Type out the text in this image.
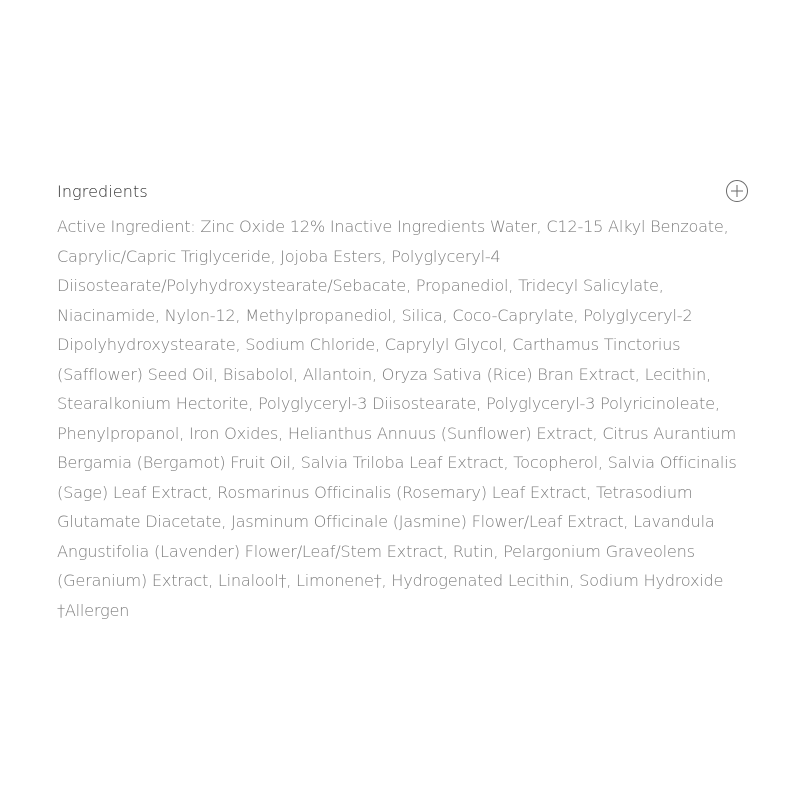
Ingredients
Active Ingredient: Zinc Oxide 12% Inactive Ingredients Water, C12-15 Alkyl Benzoate,
Caprylic/Capric Triglyceride, Jojoba Esters, Polyglyceryl-4
Diisostearate/Polyhydroxystearate/Sebacate, Propanediol, Tridecyl Salicylate,
Niacinamide, Nylon-12, Methylpropanediol, Silica, Coco-Caprylate, Polyglyceryl-2
Dipolyhydroxystearate, Sodium Chloride, Caprylyl Glycol, Carthamus Tinctorius
(Safflower) Seed Oil, Bisabolol, Allantoin, Oryza Sativa (Rice) Bran Extract, Lecithin,
Stearalkonium Hectorite, Polyglyceryl-3 Diisostearate, Polyglyceryl-3 Polyricinoleate,
Phenylpropanol, Iron Oxides, Helianthus Annuus (Sunflower) Extract, Citrus Aurantium
Bergamia (Bergamot) Fruit Oil, Salvia Triloba Leaf Extract, Tocopherol, Salvia Officinalis
(Sage) Leaf Extract, Rosmarinus Officinalis (Rosemary) Leaf Extract, Tetrasodium
Glutamate Diacetate, Jasminum Officinale (Jasmine) Flower/Leaf Extract, Lavandula
Angustifolia (Lavender) Flower/Leaf/Stem Extract, Rutin, Pelargonium Graveolens
(Geranium) Extract, Linalool†, Limonene†, Hydrogenated Lecithin, Sodium Hydroxide
†Allergen
